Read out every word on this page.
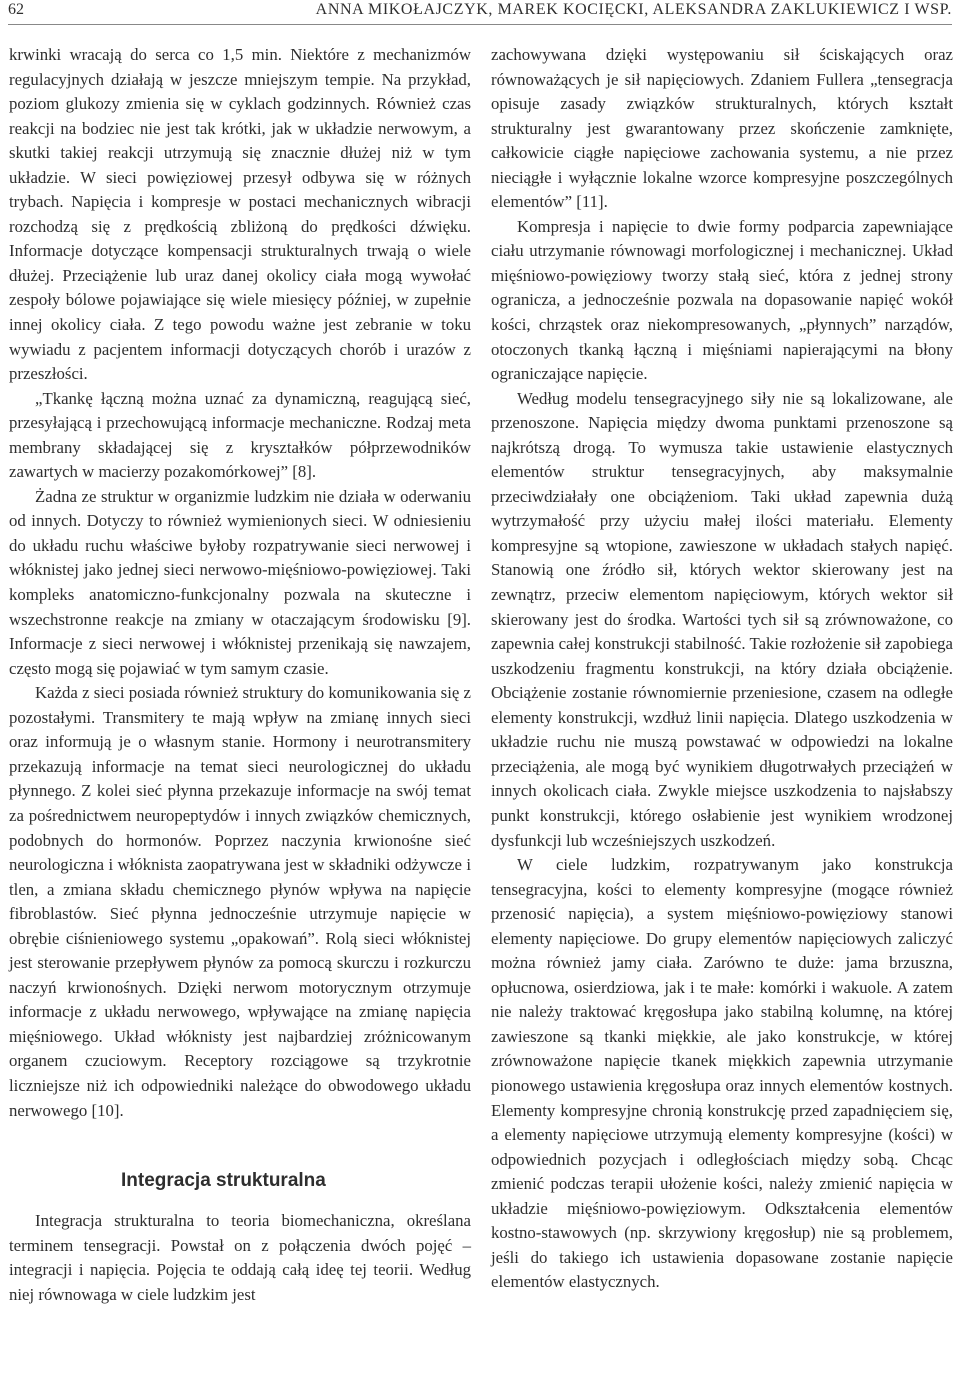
62	ANNA MIKOŁAJCZYK, MAREK KOCIĘCKI, ALEKSANDRA ZAKLUKIEWICZ I WSP.

krwinki wracają do serca co 1,5 min. Niektóre z mechanizmów regulacyjnych działają w jeszcze mniejszym tempie. Na przykład, poziom glukozy zmienia się w cyklach godzinnych. Również czas reakcji na bodziec nie jest tak krótki, jak w układzie nerwowym, a skutki takiej reakcji utrzymują się znacznie dłużej niż w tym układzie. W sieci powięziowej przesył odbywa się w różnych trybach. Napięcia i kompresje w postaci mechanicznych wibracji rozchodzą się z prędkością zbliżoną do prędkości dźwięku. Informacje dotyczące kompensacji strukturalnych trwają o wiele dłużej. Przeciążenie lub uraz danej okolicy ciała mogą wywołać zespoły bólowe pojawiające się wiele miesięcy później, w zupełnie innej okolicy ciała. Z tego powodu ważne jest zebranie w toku wywiadu z pacjentem informacji dotyczących chorób i urazów z przeszłości.

„Tkankę łączną można uznać za dynamiczną, reagującą sieć, przesyłającą i przechowującą informacje mechaniczne. Rodzaj meta membrany składającej się z kryształków półprzewodników zawartych w macierzy pozakomórkowej” [8].

Żadna ze struktur w organizmie ludzkim nie działa w oderwaniu od innych. Dotyczy to również wymienionych sieci. W odniesieniu do układu ruchu właściwe byłoby rozpatrywanie sieci nerwowej i włóknistej jako jednej sieci nerwowo-mięśniowo-powięziowej. Taki kompleks anatomiczno-funkcjonalny pozwala na skuteczne i wszechstronne reakcje na zmiany w otaczającym środowisku [9]. Informacje z sieci nerwowej i włóknistej przenikają się nawzajem, często mogą się pojawiać w tym samym czasie.

Każda z sieci posiada również struktury do komunikowania się z pozostałymi. Transmitery te mają wpływ na zmianę innych sieci oraz informują je o własnym stanie. Hormony i neurotransmitery przekazują informacje na temat sieci neurologicznej do układu płynnego. Z kolei sieć płynna przekazuje informacje na swój temat za pośrednictwem neuropeptydów i innych związków chemicznych, podobnych do hormonów. Poprzez naczynia krwionośne sieć neurologiczna i włóknista zaopatrywana jest w składniki odżywcze i tlen, a zmiana składu chemicznego płynów wpływa na napięcie fibroblastów. Sieć płynna jednocześnie utrzymuje napięcie w obrębie ciśnieniowego systemu „opakowań”. Rolą sieci włóknistej jest sterowanie przepływem płynów za pomocą skurczu i rozkurczu naczyń krwionośnych. Dzięki nerwom motorycznym otrzymuje informacje z układu nerwowego, wpływające na zmianę napięcia mięśniowego. Układ włóknisty jest najbardziej zróżnicowanym organem czuciowym. Receptory rozciągowe są trzykrotnie liczniejsze niż ich odpowiedniki należące do obwodowego układu nerwowego [10].

Integracja strukturalna

Integracja strukturalna to teoria biomechaniczna, określana terminem tensegracji. Powstał on z połączenia dwóch pojęć – integracji i napięcia. Pojęcia te oddają całą ideę tej teorii. Według niej równowaga w ciele ludzkim jest

zachowywana dzięki występowaniu sił ściskających oraz równoważących je sił napięciowych. Zdaniem Fullera „tensegracja opisuje zasady związków strukturalnych, których kształt strukturalny jest gwarantowany przez skończenie zamknięte, całkowicie ciągłe napięciowe zachowania systemu, a nie przez nieciągłe i wyłącznie lokalne wzorce kompresyjne poszczególnych elementów” [11].

Kompresja i napięcie to dwie formy podparcia zapewniające ciału utrzymanie równowagi morfologicznej i mechanicznej. Układ mięśniowo-powięziowy tworzy stałą sieć, która z jednej strony ogranicza, a jednocześnie pozwala na dopasowanie napięć wokół kości, chrząstek oraz niekompresowanych, „płynnych” narządów, otoczonych tkanką łączną i mięśniami napierającymi na błony ograniczające napięcie.

Według modelu tensegracyjnego siły nie są lokalizowane, ale przenoszone. Napięcia między dwoma punktami przenoszone są najkrótszą drogą. To wymusza takie ustawienie elastycznych elementów struktur tensegracyjnych, aby maksymalnie przeciwdziałały one obciążeniom. Taki układ zapewnia dużą wytrzymałość przy użyciu małej ilości materiału. Elementy kompresyjne są wtopione, zawieszone w układach stałych napięć. Stanowią one źródło sił, których wektor skierowany jest na zewnątrz, przeciw elementom napięciowym, których wektor sił skierowany jest do środka. Wartości tych sił są zrównoważone, co zapewnia całej konstrukcji stabilność. Takie rozłożenie sił zapobiega uszkodzeniu fragmentu konstrukcji, na który działa obciążenie. Obciążenie zostanie równomiernie przeniesione, czasem na odległe elementy konstrukcji, wzdłuż linii napięcia. Dlatego uszkodzenia w układzie ruchu nie muszą powstawać w odpowiedzi na lokalne przeciążenia, ale mogą być wynikiem długotrwałych przeciążeń w innych okolicach ciała. Zwykle miejsce uszkodzenia to najsłabszy punkt konstrukcji, którego osłabienie jest wynikiem wrodzonej dysfunkcji lub wcześniejszych uszkodzeń.

W ciele ludzkim, rozpatrywanym jako konstrukcja tensegracyjna, kości to elementy kompresyjne (mogące również przenosić napięcia), a system mięśniowo-powięziowy stanowi elementy napięciowe. Do grupy elementów napięciowych zaliczyć można również jamy ciała. Zarówno te duże: jama brzuszna, opłucnowa, osierdziowa, jak i te małe: komórki i wakuole. A zatem nie należy traktować kręgosłupa jako stabilną kolumnę, na której zawieszone są tkanki miękkie, ale jako konstrukcje, w której zrównoważone napięcie tkanek miękkich zapewnia utrzymanie pionowego ustawienia kręgosłupa oraz innych elementów kostnych. Elementy kompresyjne chronią konstrukcję przed zapadnięciem się, a elementy napięciowe utrzymują elementy kompresyjne (kości) w odpowiednich pozycjach i odległościach między sobą. Chcąc zmienić podczas terapii ułożenie kości, należy zmienić napięcia w układzie mięśniowo-powięziowym. Odkształcenia elementów kostno-stawowych (np. skrzywiony kręgosłup) nie są problemem, jeśli do takiego ich ustawienia dopasowane zostanie napięcie elementów elastycznych.
